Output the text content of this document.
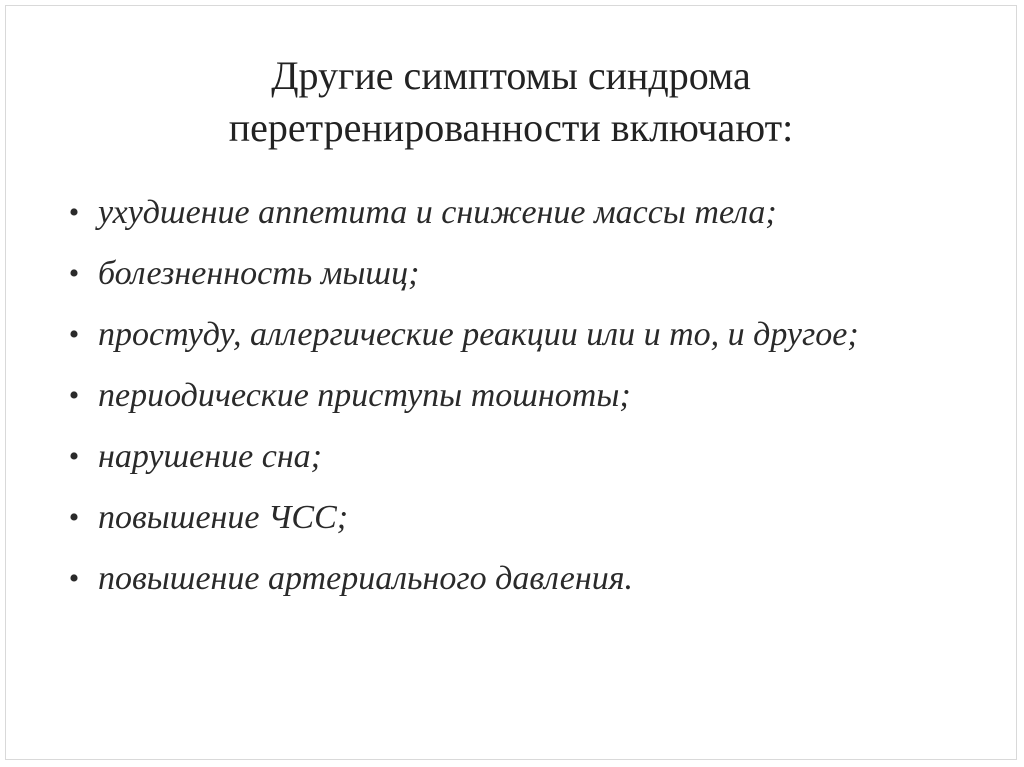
Другие симптомы синдрома
перетренированности включают:
• ухудшение аппетита и снижение массы тела;
• болезненность мышц;
• простуду, аллергические реакции или и то, и другое;
• периодические приступы тошноты;
• нарушение сна;
• повышение ЧСС;
• повышение артериального давления.
